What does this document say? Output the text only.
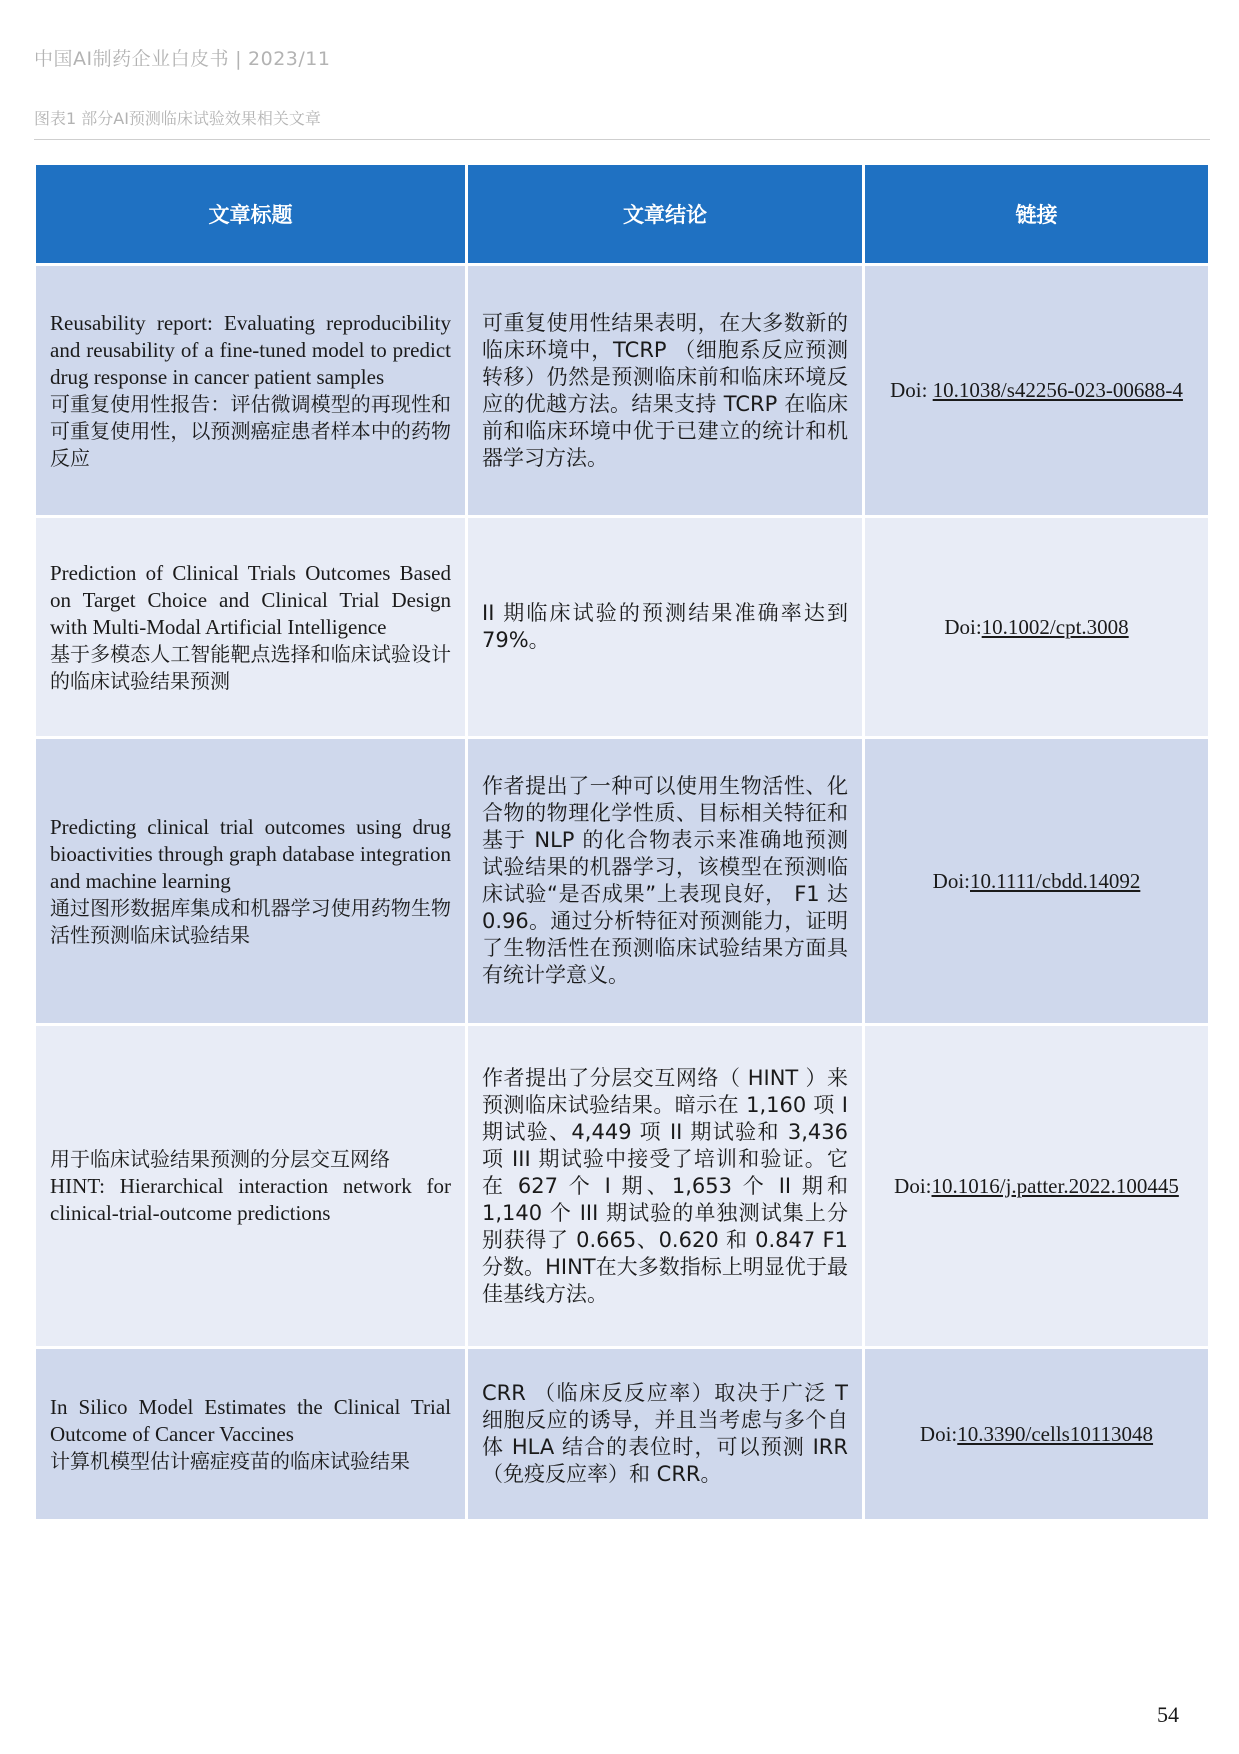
中国AI制药企业白皮书 | 2023/11
图表1 部分AI预测临床试验效果相关文章
文章标题	文章结论	链接

Reusability report: Evaluating reproducibility and reusability of a fine-tuned model to predict drug response in cancer patient samples
可重复使用性报告：评估微调模型的再现性和可重复使用性，以预测癌症患者样本中的药物反应	可重复使用性结果表明，在大多数新的临床环境中，TCRP （细胞系反应预测转移）仍然是预测临床前和临床环境反应的优越方法。结果支持 TCRP 在临床前和临床环境中优于已建立的统计和机器学习方法。	Doi: 10.1038/s42256-023-00688-4

Prediction of Clinical Trials Outcomes Based on Target Choice and Clinical Trial Design with Multi-Modal Artificial Intelligence
基于多模态人工智能靶点选择和临床试验设计的临床试验结果预测	II 期临床试验的预测结果准确率达到 79%。	Doi:10.1002/cpt.3008

Predicting clinical trial outcomes using drug bioactivities through graph database integration and machine learning
通过图形数据库集成和机器学习使用药物生物活性预测临床试验结果	作者提出了一种可以使用生物活性、化合物的物理化学性质、目标相关特征和基于 NLP 的化合物表示来准确地预测试验结果的机器学习，该模型在预测临床试验“是否成果”上表现良好， F1 达0.96。通过分析特征对预测能力，证明了生物活性在预测临床试验结果方面具有统计学意义。	Doi:10.1111/cbdd.14092

用于临床试验结果预测的分层交互网络
HINT: Hierarchical interaction network for clinical-trial-outcome predictions	作者提出了分层交互网络（ HINT ）来预测临床试验结果。暗示在 1,160 项 I 期试验、4,449 项 II 期试验和 3,436 项 III 期试验中接受了培训和验证。它在 627 个 I 期、1,653 个 II 期和 1,140 个 III 期试验的单独测试集上分别获得了 0.665、0.620 和 0.847 F1 分数。HINT在大多数指标上明显优于最佳基线方法。	Doi:10.1016/j.patter.2022.100445

In Silico Model Estimates the Clinical Trial Outcome of Cancer Vaccines
计算机模型估计癌症疫苗的临床试验结果	CRR （临床反反应率）取决于广泛 T 细胞反应的诱导，并且当考虑与多个自体 HLA 结合的表位时，可以预测 IRR （免疫反应率）和 CRR。	Doi:10.3390/cells10113048
54
